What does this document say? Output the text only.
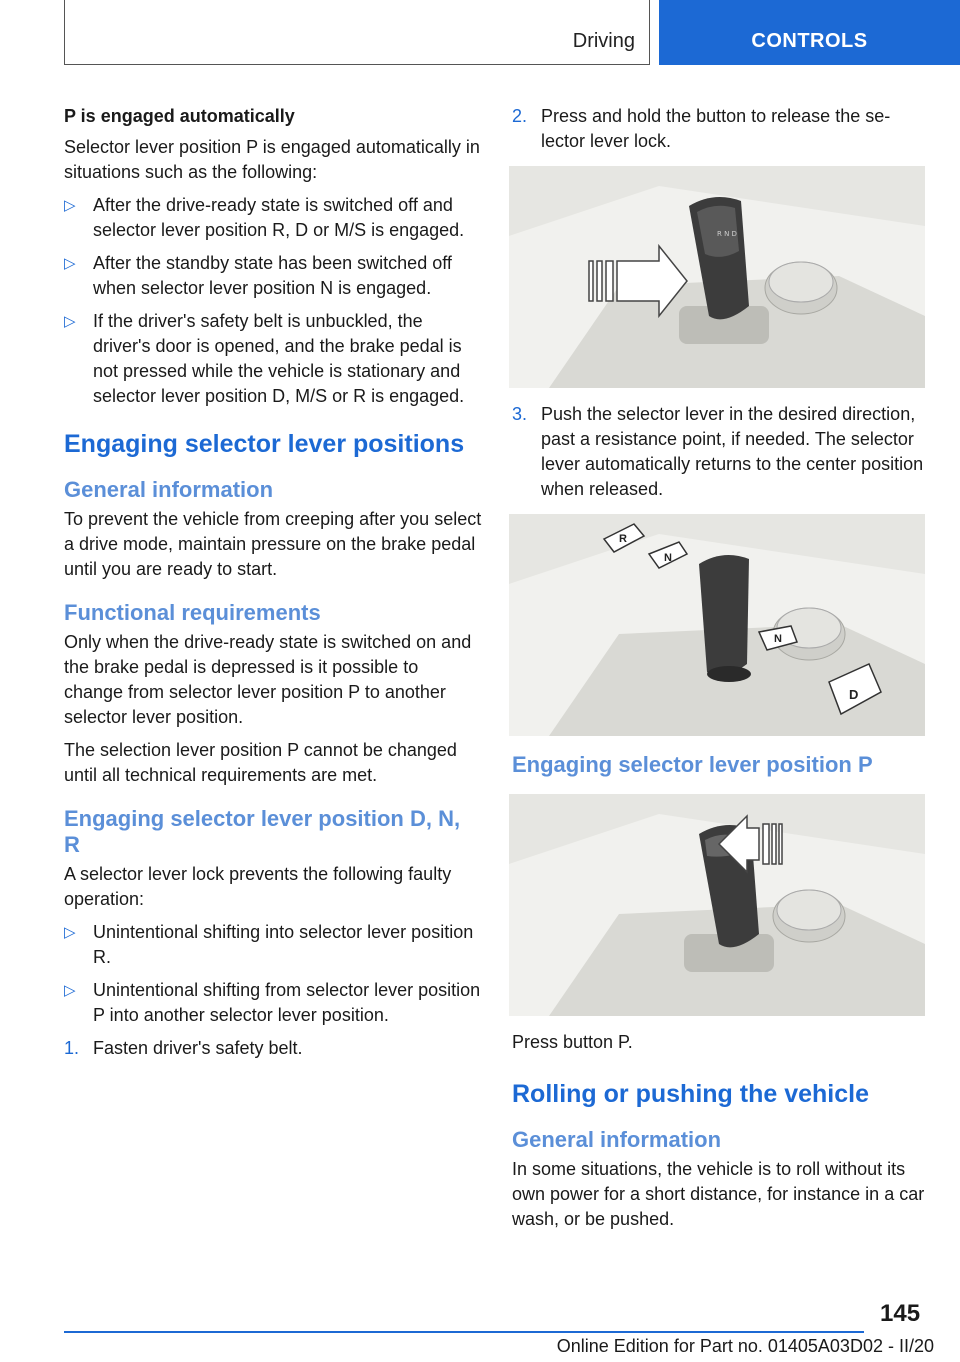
Driving	CONTROLS
P is engaged automatically

Selector lever position P is engaged automatically in situations such as the following:

▷ After the drive-ready state is switched off and selector lever position R, D or M/S is engaged.
▷ After the standby state has been switched off when selector lever position N is engaged.
▷ If the driver's safety belt is unbuckled, the driver's door is opened, and the brake pedal is not pressed while the vehicle is stationary and selector lever position D, M/S or R is engaged.
Engaging selector lever positions
General information

To prevent the vehicle from creeping after you select a drive mode, maintain pressure on the brake pedal until you are ready to start.

Functional requirements

Only when the drive-ready state is switched on and the brake pedal is depressed is it possible to change from selector lever position P to another selector lever position.

The selection lever position P cannot be changed until all technical requirements are met.

Engaging selector lever position D, N, R

A selector lever lock prevents the following faulty operation:

▷ Unintentional shifting into selector lever position R.
▷ Unintentional shifting from selector lever position P into another selector lever position.
1. Fasten driver's safety belt.
2. Press and hold the button to release the selector lever lock.
R N D
3. Push the selector lever in the desired direction, past a resistance point, if needed. The selector lever automatically returns to the center position when released.
R
N
N
D
Engaging selector lever position P

Press button P.

Rolling or pushing the vehicle
General information

In some situations, the vehicle is to roll without its own power for a short distance, for instance in a car wash, or be pushed.

145
Online Edition for Part no. 01405A03D02 - II/20
